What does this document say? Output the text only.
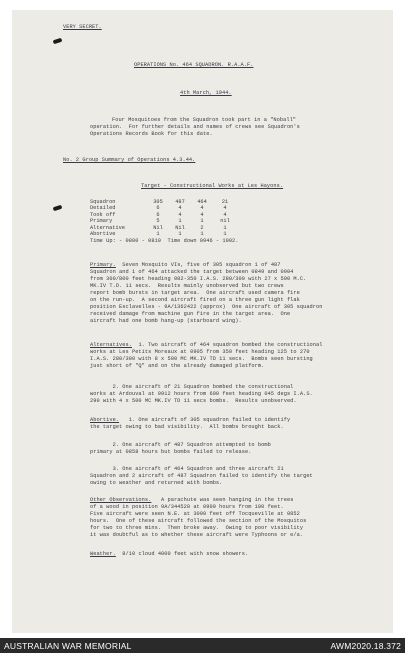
VERY SECRET.
OPERATIONS No. 464 SQUADRON. R.A.A.F.
4th March, 1944.
Four Mosquitoes from the Squadron took part in a "Noball"
operation.  For further details and names of crews see Squadron's
Operations Records Book for this date.
No. 2 Group Summary of Operations 4.3.44.
Target - Constructional Works at Les Hayons.
Squadron	305	487	464	21
Detailed	6	4	4	4
Took off	6	4	4	4
Primary	5	1	1	nil
Alternative	Nil	Nil	2	1
Abortive	1	1	1	1
Time Up: - 0800 - 0810  Time down 0946 - 1002.
Primary.  Seven Mosquito VIs, five of 305 squadron 1 of 487
Squadron and 1 of 464 attacked the target between 0849 and 0904
from 300/800 feet heading 082-350 I.A.S. 280/300 with 27 x 500 M.C.
MK.IV T.D. 11 secs.  Results mainly unobserved but two crews
report bomb bursts in target area.  One aircraft used camera fire
on the run-up.  A second aircraft fired on a three gun light flak
position Esclavelles - 9A/1362422 (approx)  One aircraft of 305 squadron
received damage from machine gun fire in the target area.  One
aircraft had one bomb hang-up (starboard wing).
Alternatives.  1. Two aircraft of 464 squadron bombed the constructional
works at Les Petits Moreaux at 0905 from 350 feet heading 125 to 270
I.A.S. 280/300 with 8 x 500 MC MK.IV TD 11 secs.  Bombs seen bursting
just short of "Q" and on the already damaged platform.
2. One aircraft of 21 Squadron bombed the constructional
works at Ardouval at 0912 hours from 600 feet heading 045 degs I.A.S.
290 with 4 x 500 MC MK.IV TD 11 secs bombs.  Results unobserved.
Abortive.   1. One aircraft of 305 squadron failed to identify
the target owing to bad visibility.  All bombs brought back.
2. One aircraft of 487 Squadron attempted to bomb
primary at 0858 hours but bombs failed to release.
3. One aircraft of 464 Squadron and three aircraft 21
Squadron and 2 aircraft of 487 Squadron failed to identify the target
owing to weather and returned with bombs.
Other Observations.   A parachute was seen hanging in the trees
of a wood in position 9A/344520 at 0900 hours from 100 feet.
Five aircraft were seen N.E. at 3000 feet off Tocqueville at 0852
hours.  One of these aircraft followed the section of the Mosquitos
for two to three mins.  Then broke away.  Owing to poor visibility
it was doubtful as to whether these aircraft were Typhoons or e/a.
Weather.  8/10 cloud 4000 feet with snow showers.
AUSTRALIAN WAR MEMORIAL	AWM2020.18.372
